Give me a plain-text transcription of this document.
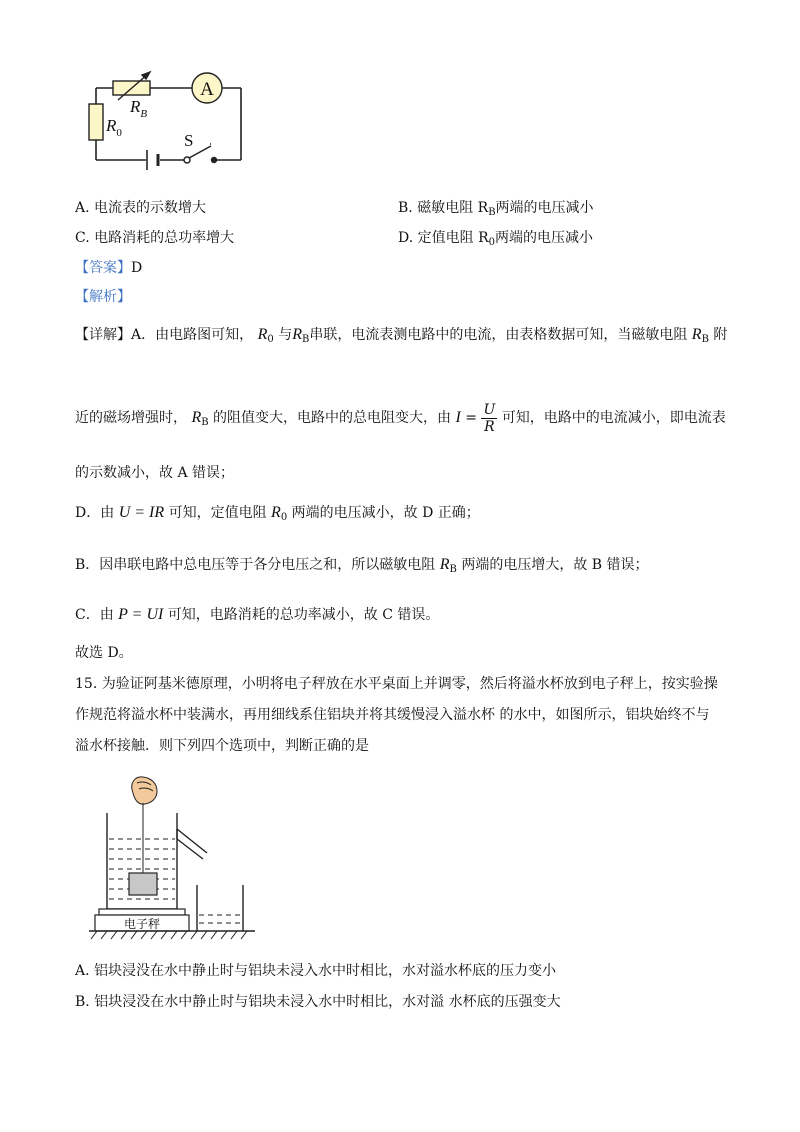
A
S
$R_B$
$R_0$
A. 电流表的示数增大	B. 磁敏电阻 $R_B$两端的电压减小
C. 电路消耗的总功率增大	D. 定值电阻 $R_0$两端的电压减小
【答案】D
【解析】
【详解】A．由电路图可知， $R_0$ 与$R_B$串联，电流表测电路中的电流，由表格数据可知，当磁敏电阻 $R_B$ 附
近的磁场增强时， $R_B$ 的阻值变大，电路中的总电阻变大，由 $I = \frac{U}{R}$ 可知，电路中的电流减小，即电流表
的示数减小，故 A 错误；
D．由 U = IR 可知，定值电阻 $R_0$ 两端的电压减小，故 D 正确；
B．因串联电路中总电压等于各分电压之和，所以磁敏电阻 $R_B$ 两端的电压增大，故 B 错误；
C．由 P = UI 可知，电路消耗的总功率减小，故 C 错误。
故选 D。
15. 为验证阿基米德原理，小明将电子秤放在水平桌面上并调零，然后将溢水杯放到电子秤上，按实验操
作规范将溢水杯中装满水，再用细线系住铝块并将其缓慢浸入溢水杯 的水中，如图所示，铝块始终不与
溢水杯接触．则下列四个选项中，判断正确的是
电子秤
A. 铝块浸没在水中静止时与铝块未浸入水中时相比，水对溢水杯底的压力变小
B. 铝块浸没在水中静止时与铝块未浸入水中时相比，水对溢 水杯底的压强变大
